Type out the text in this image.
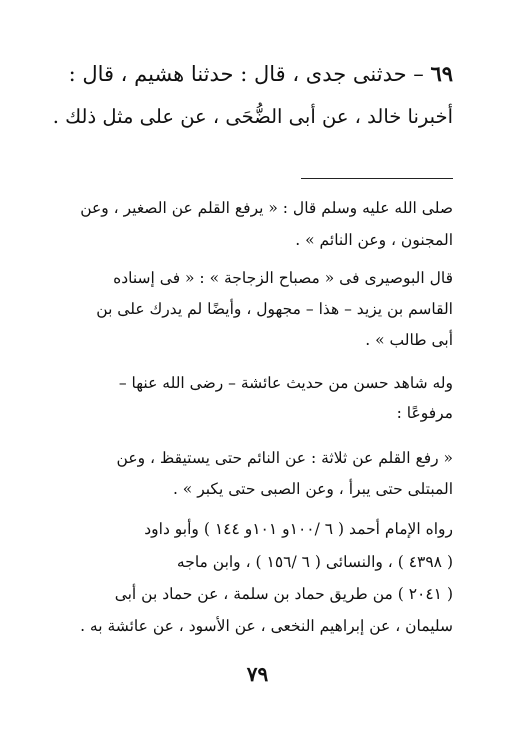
٦٩ – حدثنى جدى ، قال : حدثنا هشيم ، قال :
أخبرنا خالد ، عن أبى الضُّحَى ، عن على مثل ذلك .
صلى الله عليه وسلم قال : « يرفع القلم عن الصغير ، وعن
المجنون ، وعن النائم » .
قال البوصيرى فى « مصباح الزجاجة » : « فى إسناده
القاسم بن يزيد – هذا – مجهول ، وأيضًا لم يدرك على بن
أبى طالب » .
وله شاهد حسن من حديث عائشة – رضى الله عنها –
مرفوعًا :
« رفع القلم عن ثلاثة : عن النائم حتى يستيقظ ، وعن
المبتلى حتى يبرأ ، وعن الصبى حتى يكبر » .
رواه الإمام أحمد ( ٦ /١٠٠و ١٠١و ١٤٤ ) وأبو داود
( ٤٣٩٨ ) ، والنسائى ( ٦ /١٥٦ ) ، وابن ماجه
( ٢٠٤١ ) من طريق حماد بن سلمة ، عن حماد بن أبى
سليمان ، عن إبراهيم النخعى ، عن الأسود ، عن عائشة به .
٧٩
